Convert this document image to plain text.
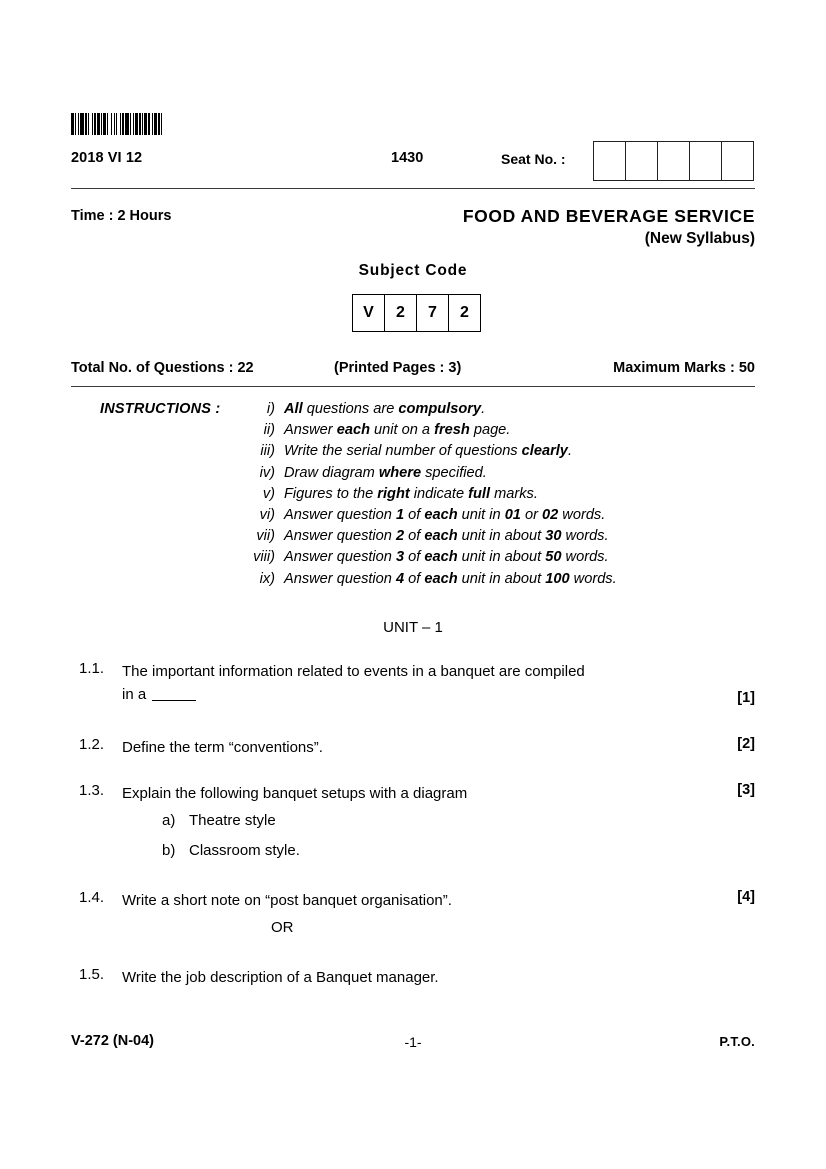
2018 VI 12	1430	Seat No. :
Time : 2 Hours	FOOD AND BEVERAGE SERVICE
(New Syllabus)
Subject Code
V	2	7	2
Total No. of Questions : 22	(Printed Pages : 3)	Maximum Marks : 50
INSTRUCTIONS :	i) All questions are compulsory.
ii) Answer each unit on a fresh page.
iii) Write the serial number of questions clearly.
iv) Draw diagram where specified.
v) Figures to the right indicate full marks.
vi) Answer question 1 of each unit in 01 or 02 words.
vii) Answer question 2 of each unit in about 30 words.
viii) Answer question 3 of each unit in about 50 words.
ix) Answer question 4 of each unit in about 100 words.
UNIT – 1
1.1.	The important information related to events in a banquet are compiled
in a	[1]
1.2.	Define the term “conventions”.	[2]
1.3.	Explain the following banquet setups with a diagram	[3]
a) Theatre style
b) Classroom style.
1.4.	Write a short note on “post banquet organisation”.	[4]
OR
1.5.	Write the job description of a Banquet manager.
V-272 (N-04)	-1-	P.T.O.
